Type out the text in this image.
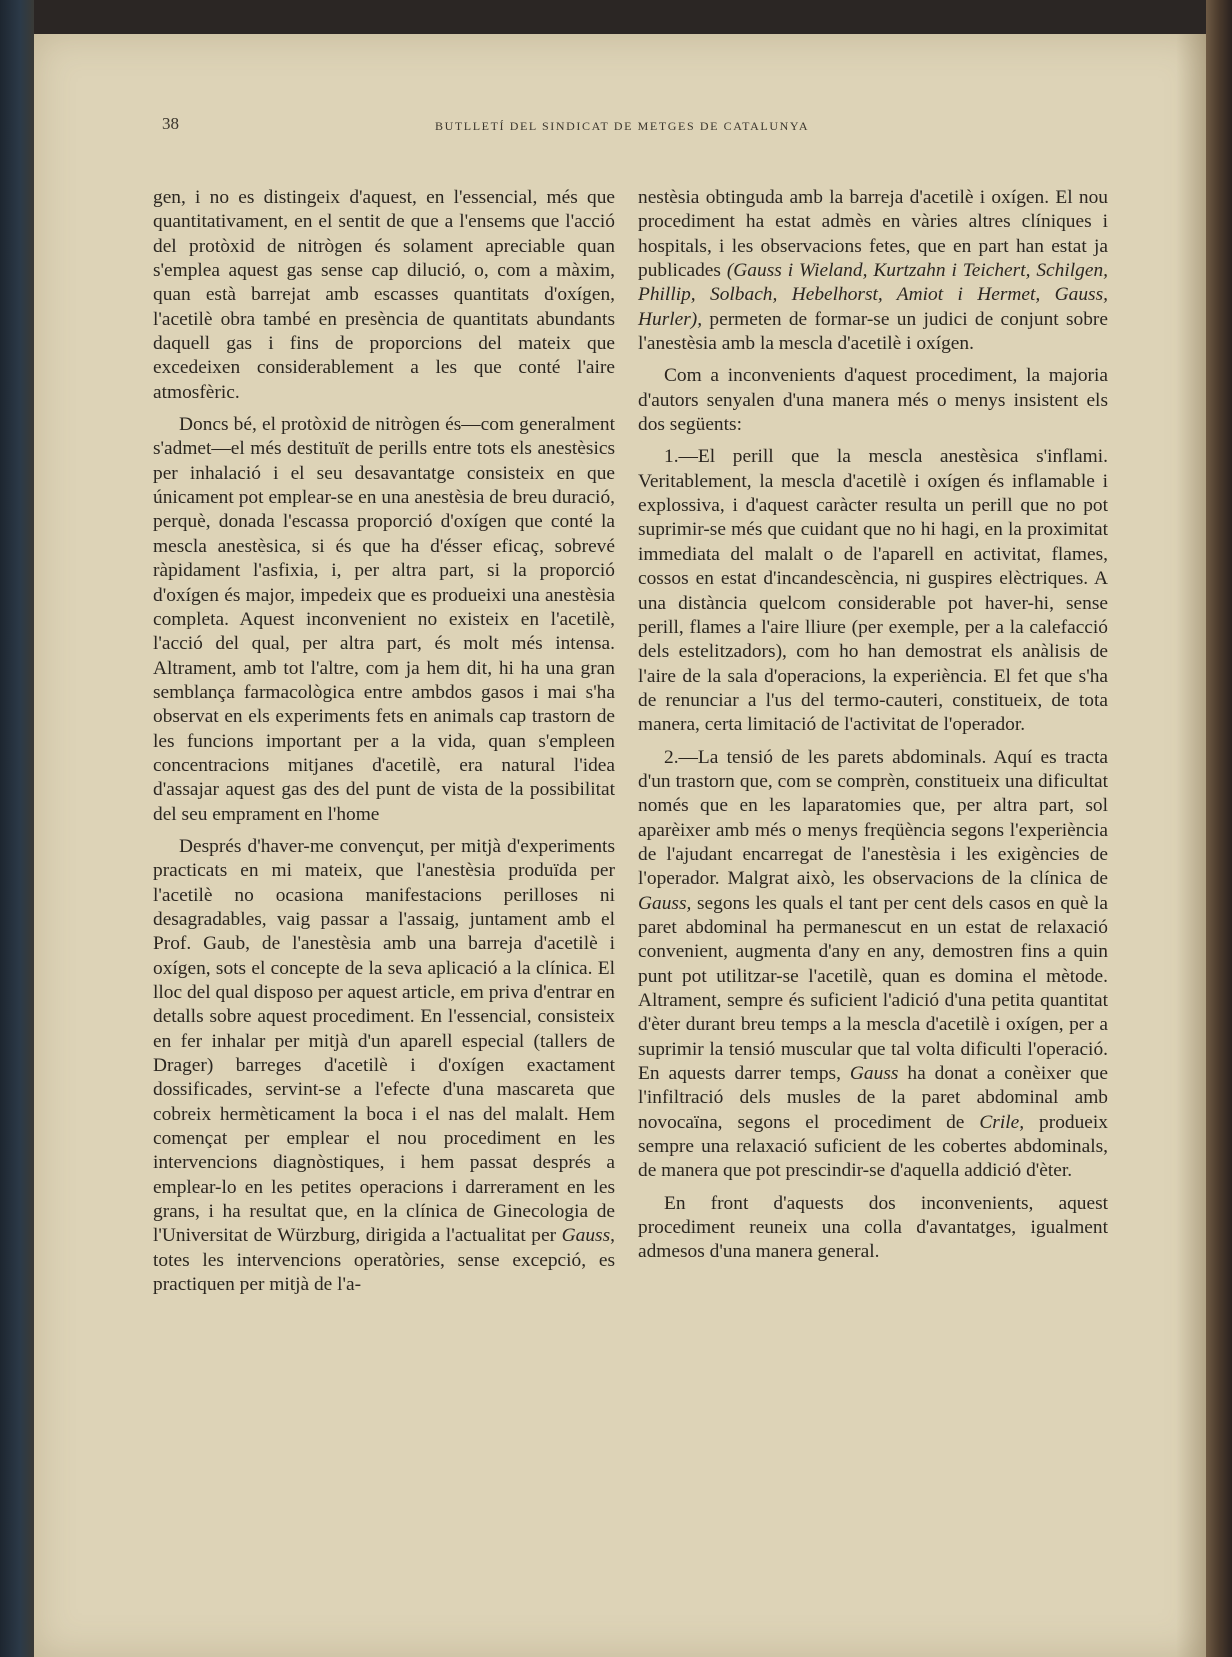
38	BUTLLETÍ DEL SINDICAT DE METGES DE CATALUNYA

gen, i no es distingeix d'aquest, en l'essencial, més que quantitativament, en el sentit de que a l'ensems que l'acció del protòxid de nitrògen és solament apreciable quan s'emplea aquest gas sense cap dilució, o, com a màxim, quan està barrejat amb escasses quantitats d'oxígen, l'acetilè obra també en presència de quantitats abundants daquell gas i fins de proporcions del mateix que excedeixen considerablement a les que conté l'aire atmosfèric.

Doncs bé, el protòxid de nitrògen és—com generalment s'admet—el més destituït de perills entre tots els anestèsics per inhalació i el seu desavantatge consisteix en que únicament pot emplear-se en una anestèsia de breu duració, perquè, donada l'escassa proporció d'oxígen que conté la mescla anestèsica, si és que ha d'ésser eficaç, sobrevé ràpidament l'asfixia, i, per altra part, si la proporció d'oxígen és major, impedeix que es produeixi una anestèsia completa. Aquest inconvenient no existeix en l'acetilè, l'acció del qual, per altra part, és molt més intensa. Altrament, amb tot l'altre, com ja hem dit, hi ha una gran semblança farmacològica entre ambdos gasos i mai s'ha observat en els experiments fets en animals cap trastorn de les funcions important per a la vida, quan s'empleen concentracions mitjanes d'acetilè, era natural l'idea d'assajar aquest gas des del punt de vista de la possibilitat del seu emprament en l'home

Després d'haver-me convençut, per mitjà d'experiments practicats en mi mateix, que l'anestèsia produïda per l'acetilè no ocasiona manifestacions perilloses ni desagradables, vaig passar a l'assaig, juntament amb el Prof. Gaub, de l'anestèsia amb una barreja d'acetilè i oxígen, sots el concepte de la seva aplicació a la clínica. El lloc del qual disposo per aquest article, em priva d'entrar en detalls sobre aquest procediment. En l'essencial, consisteix en fer inhalar per mitjà d'un aparell especial (tallers de Drager) barreges d'acetilè i d'oxígen exactament dossificades, servint-se a l'efecte d'una mascareta que cobreix hermèticament la boca i el nas del malalt. Hem començat per emplear el nou procediment en les intervencions diagnòstiques, i hem passat després a emplear-lo en les petites operacions i darrerament en les grans, i ha resultat que, en la clínica de Ginecologia de l'Universitat de Würzburg, dirigida a l'actualitat per Gauss, totes les intervencions operatòries, sense excepció, es practiquen per mitjà de l'a-

nestèsia obtinguda amb la barreja d'acetilè i oxígen. El nou procediment ha estat admès en vàries altres clíniques i hospitals, i les observacions fetes, que en part han estat ja publicades (Gauss i Wieland, Kurtzahn i Teichert, Schilgen, Phillip, Solbach, Hebelhorst, Amiot i Hermet, Gauss, Hurler), permeten de formar-se un judici de conjunt sobre l'anestèsia amb la mescla d'acetilè i oxígen.

Com a inconvenients d'aquest procediment, la majoria d'autors senyalen d'una manera més o menys insistent els dos següents:

1.—El perill que la mescla anestèsica s'inflami. Veritablement, la mescla d'acetilè i oxígen és inflamable i explossiva, i d'aquest caràcter resulta un perill que no pot suprimir-se més que cuidant que no hi hagi, en la proximitat immediata del malalt o de l'aparell en activitat, flames, cossos en estat d'incandescència, ni guspires elèctriques. A una distància quelcom considerable pot haver-hi, sense perill, flames a l'aire lliure (per exemple, per a la calefacció dels estelitzadors), com ho han demostrat els anàlisis de l'aire de la sala d'operacions, la experiència. El fet que s'ha de renunciar a l'us del termo-cauteri, constitueix, de tota manera, certa limitació de l'activitat de l'operador.

2.—La tensió de les parets abdominals. Aquí es tracta d'un trastorn que, com se comprèn, constitueix una dificultat només que en les laparatomies que, per altra part, sol aparèixer amb més o menys freqüència segons l'experiència de l'ajudant encarregat de l'anestèsia i les exigències de l'operador. Malgrat això, les observacions de la clínica de Gauss, segons les quals el tant per cent dels casos en què la paret abdominal ha permanescut en un estat de relaxació convenient, augmenta d'any en any, demostren fins a quin punt pot utilitzar-se l'acetilè, quan es domina el mètode. Altrament, sempre és suficient l'adició d'una petita quantitat d'èter durant breu temps a la mescla d'acetilè i oxígen, per a suprimir la tensió muscular que tal volta dificulti l'operació. En aquests darrer temps, Gauss ha donat a conèixer que l'infiltració dels musles de la paret abdominal amb novocaïna, segons el procediment de Crile, produeix sempre una relaxació suficient de les cobertes abdominals, de manera que pot prescindir-se d'aquella addició d'èter.

En front d'aquests dos inconvenients, aquest procediment reuneix una colla d'avantatges, igualment admesos d'una manera general.
